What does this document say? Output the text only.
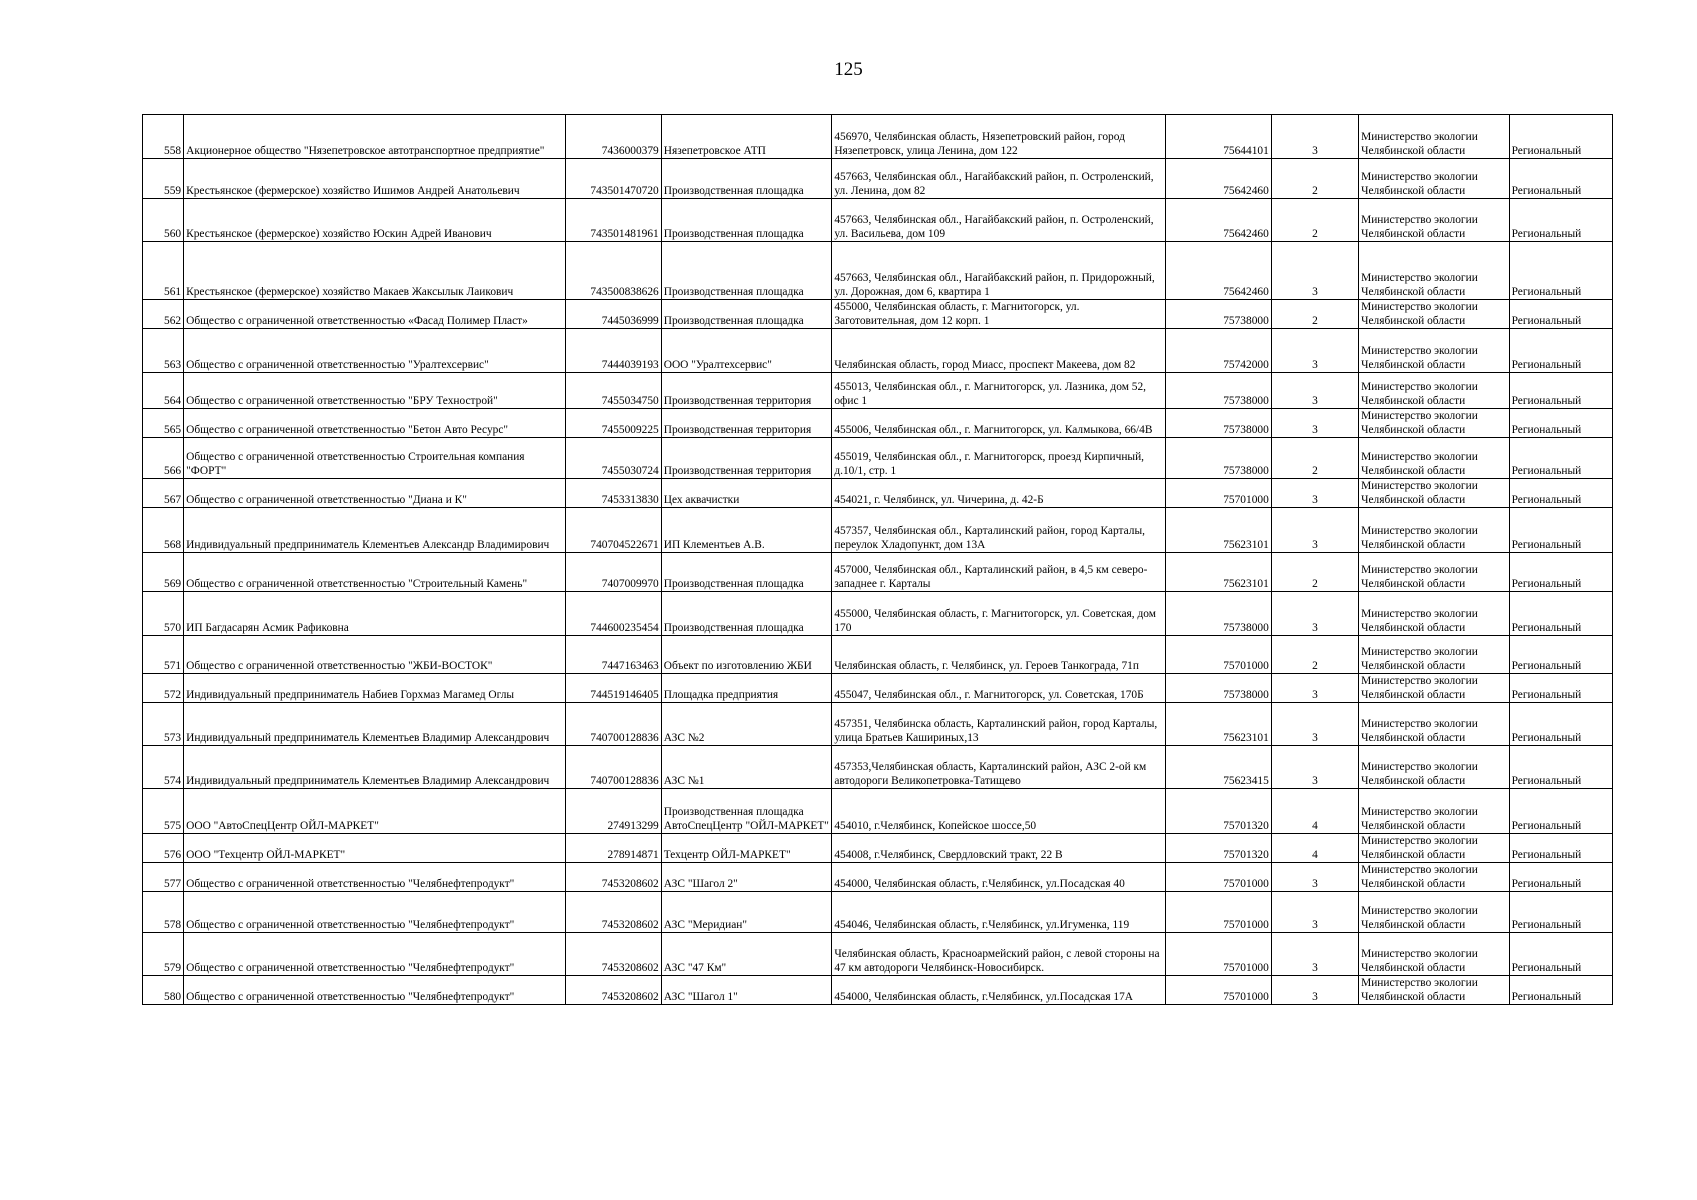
125
558	Акционерное общество "Нязепетровское автотранспортное предприятие"	7436000379	Нязепетровское АТП	456970, Челябинская область, Нязепетровский район, город Нязепетровск, улица Ленина, дом 122	75644101	3	Министерство экологии Челябинской области	Региональный
559	Крестьянское (фермерское) хозяйство Ишимов Андрей Анатольевич	743501470720	Производственная площадка	457663, Челябинская обл., Нагайбакский район, п. Остроленский, ул. Ленина, дом 82	75642460	2	Министерство экологии Челябинской области	Региональный
560	Крестьянское (фермерское) хозяйство Юскин Адрей Иванович	743501481961	Производственная площадка	457663, Челябинская обл., Нагайбакский район, п. Остроленский, ул. Васильева, дом 109	75642460	2	Министерство экологии Челябинской области	Региональный
561	Крестьянское (фермерское) хозяйство Макаев Жаксылык Лаикович	743500838626	Производственная площадка	457663, Челябинская обл., Нагайбакский район, п. Придорожный, ул. Дорожная, дом 6, квартира 1	75642460	3	Министерство экологии Челябинской области	Региональный
562	Общество с ограниченной ответственностью «Фасад Полимер Пласт»	7445036999	Производственная площадка	455000, Челябинская область, г. Магнитогорск, ул. Заготовительная, дом 12 корп. 1	75738000	2	Министерство экологии Челябинской области	Региональный
563	Общество с ограниченной ответственностью "Уралтехсервис"	7444039193	ООО "Уралтехсервис"	Челябинская область, город Миасс, проспект Макеева, дом 82	75742000	3	Министерство экологии Челябинской области	Региональный
564	Общество с ограниченной ответственностью "БРУ Технострой"	7455034750	Производственная территория	455013, Челябинская обл., г. Магнитогорск, ул. Лазника, дом 52, офис 1	75738000	3	Министерство экологии Челябинской области	Региональный
565	Общество с ограниченной ответственностью "Бетон Авто Ресурс"	7455009225	Производственная территория	455006, Челябинская обл., г. Магнитогорск, ул. Калмыкова, 66/4В	75738000	3	Министерство экологии Челябинской области	Региональный
566	Общество с ограниченной ответственностью Строительная компания "ФОРТ"	7455030724	Производственная территория	455019, Челябинская обл., г. Магнитогорск, проезд Кирпичный, д.10/1, стр. 1	75738000	2	Министерство экологии Челябинской области	Региональный
567	Общество с ограниченной ответственностью "Диана и К"	7453313830	Цех аквачистки	454021, г. Челябинск, ул. Чичерина, д. 42-Б	75701000	3	Министерство экологии Челябинской области	Региональный
568	Индивидуальный предприниматель Клементьев Александр Владимирович	740704522671	ИП Клементьев А.В.	457357, Челябинская обл., Карталинский район, город Карталы, переулок Хладопункт, дом 13А	75623101	3	Министерство экологии Челябинской области	Региональный
569	Общество с ограниченной ответственностью "Строительный Камень"	7407009970	Производственная площадка	457000, Челябинская обл., Карталинский район, в 4,5 км северо-западнее г. Карталы	75623101	2	Министерство экологии Челябинской области	Региональный
570	ИП Багдасарян Асмик Рафиковна	744600235454	Производственная площадка	455000, Челябинская область, г. Магнитогорск, ул. Советская, дом 170	75738000	3	Министерство экологии Челябинской области	Региональный
571	Общество с ограниченной ответственностью "ЖБИ-ВОСТОК"	7447163463	Объект по изготовлению ЖБИ	Челябинская область, г. Челябинск, ул. Героев Танкограда, 71п	75701000	2	Министерство экологии Челябинской области	Региональный
572	Индивидуальный предприниматель Набиев Горхмаз Магамед Оглы	744519146405	Площадка предприятия	455047, Челябинская обл., г. Магнитогорск, ул. Советская, 170Б	75738000	3	Министерство экологии Челябинской области	Региональный
573	Индивидуальный предприниматель Клементьев Владимир Александрович	740700128836	АЗС №2	457351, Челябинска область, Карталинский район, город Карталы, улица Братьев Кашириных,13	75623101	3	Министерство экологии Челябинской области	Региональный
574	Индивидуальный предприниматель Клементьев Владимир Александрович	740700128836	АЗС №1	457353,Челябинская область, Карталинский район, АЗС 2-ой км автодороги Великопетровка-Татищево	75623415	3	Министерство экологии Челябинской области	Региональный
575	ООО "АвтоСпецЦентр ОЙЛ-МАРКЕТ"	274913299	Производственная площадка АвтоСпецЦентр "ОЙЛ-МАРКЕТ"	454010, г.Челябинск, Копейское шоссе,50	75701320	4	Министерство экологии Челябинской области	Региональный
576	ООО "Техцентр ОЙЛ-МАРКЕТ"	278914871	Техцентр ОЙЛ-МАРКЕТ"	454008, г.Челябинск, Свердловский тракт, 22 В	75701320	4	Министерство экологии Челябинской области	Региональный
577	Общество с ограниченной ответственностью "Челябнефтепродукт"	7453208602	АЗС "Шагол 2"	454000, Челябинская область, г.Челябинск, ул.Посадская 40	75701000	3	Министерство экологии Челябинской области	Региональный
578	Общество с ограниченной ответственностью "Челябнефтепродукт"	7453208602	АЗС "Меридиан"	454046, Челябинская область, г.Челябинск, ул.Игуменка, 119	75701000	3	Министерство экологии Челябинской области	Региональный
579	Общество с ограниченной ответственностью "Челябнефтепродукт"	7453208602	АЗС "47 Км"	Челябинская область, Красноармейский район, с левой стороны на 47 км автодороги Челябинск-Новосибирск.	75701000	3	Министерство экологии Челябинской области	Региональный
580	Общество с ограниченной ответственностью "Челябнефтепродукт"	7453208602	АЗС "Шагол 1"	454000, Челябинская область, г.Челябинск, ул.Посадская 17А	75701000	3	Министерство экологии Челябинской области	Региональный
